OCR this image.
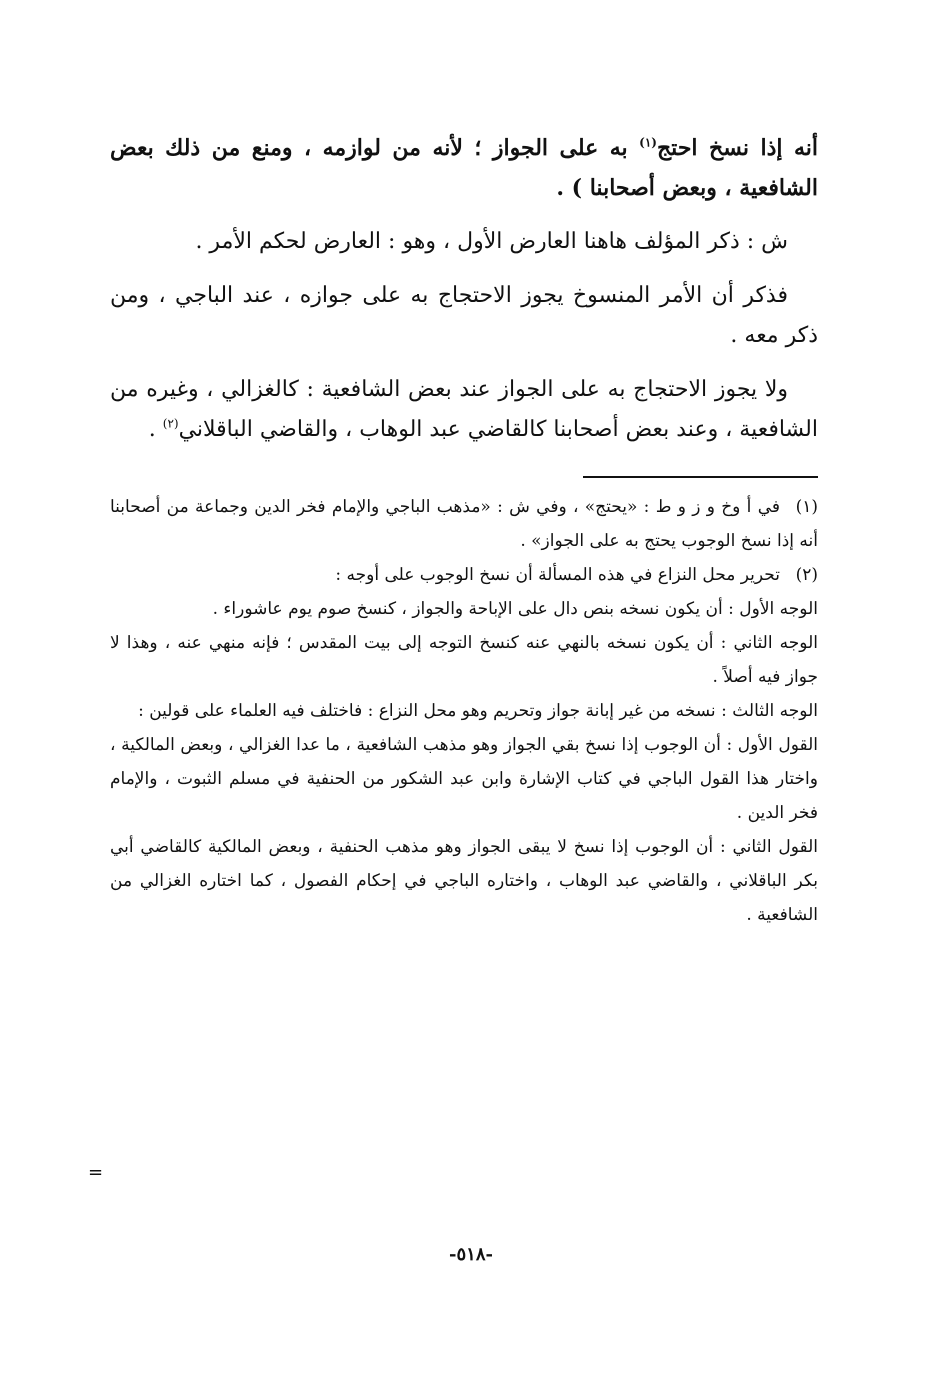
أنه إذا نسخ احتج$^{(١)}$ به على الجواز ؛ لأنه من لوازمه ، ومنع من ذلك بعض الشافعية ، وبعض أصحابنا ) .

ش : ذكر المؤلف هاهنا العارض الأول ، وهو : العارض لحكم الأمر .

فذكر أن الأمر المنسوخ يجوز الاحتجاج به على جوازه ، عند الباجي ، ومن ذكر معه .

ولا يجوز الاحتجاج به على الجواز عند بعض الشافعية : كالغزالي ، وغيره من الشافعية ، وعند بعض أصحابنا كالقاضي عبد الوهاب ، والقاضي الباقلاني$^{(٢)}$ .

(١)في أ وخ و ز و ط : «يحتج» ، وفي ش : «مذهب الباجي والإمام فخر الدين وجماعة من أصحابنا أنه إذا نسخ الوجوب يحتج به على الجواز» .

(٢)تحرير محل النزاع في هذه المسألة أن نسخ الوجوب على أوجه :

الوجه الأول : أن يكون نسخه بنص دال على الإباحة والجواز ، كنسخ صوم يوم عاشوراء .

الوجه الثاني : أن يكون نسخه بالنهي عنه كنسخ التوجه إلى بيت المقدس ؛ فإنه منهي عنه ، وهذا لا جواز فيه أصلاً .

الوجه الثالث : نسخه من غير إبانة جواز وتحريم وهو محل النزاع : فاختلف فيه العلماء على قولين :

القول الأول : أن الوجوب إذا نسخ بقي الجواز وهو مذهب الشافعية ، ما عدا الغزالي ، وبعض المالكية ، واختار هذا القول الباجي في كتاب الإشارة وابن عبد الشكور من الحنفية في مسلم الثبوت ، والإمام فخر الدين .

القول الثاني : أن الوجوب إذا نسخ لا يبقى الجواز وهو مذهب الحنفية ، وبعض المالكية كالقاضي أبي بكر الباقلاني ، والقاضي عبد الوهاب ، واختاره الباجي في إحكام الفصول ، كما اختاره الغزالي من الشافعية .

=
-٥١٨-
